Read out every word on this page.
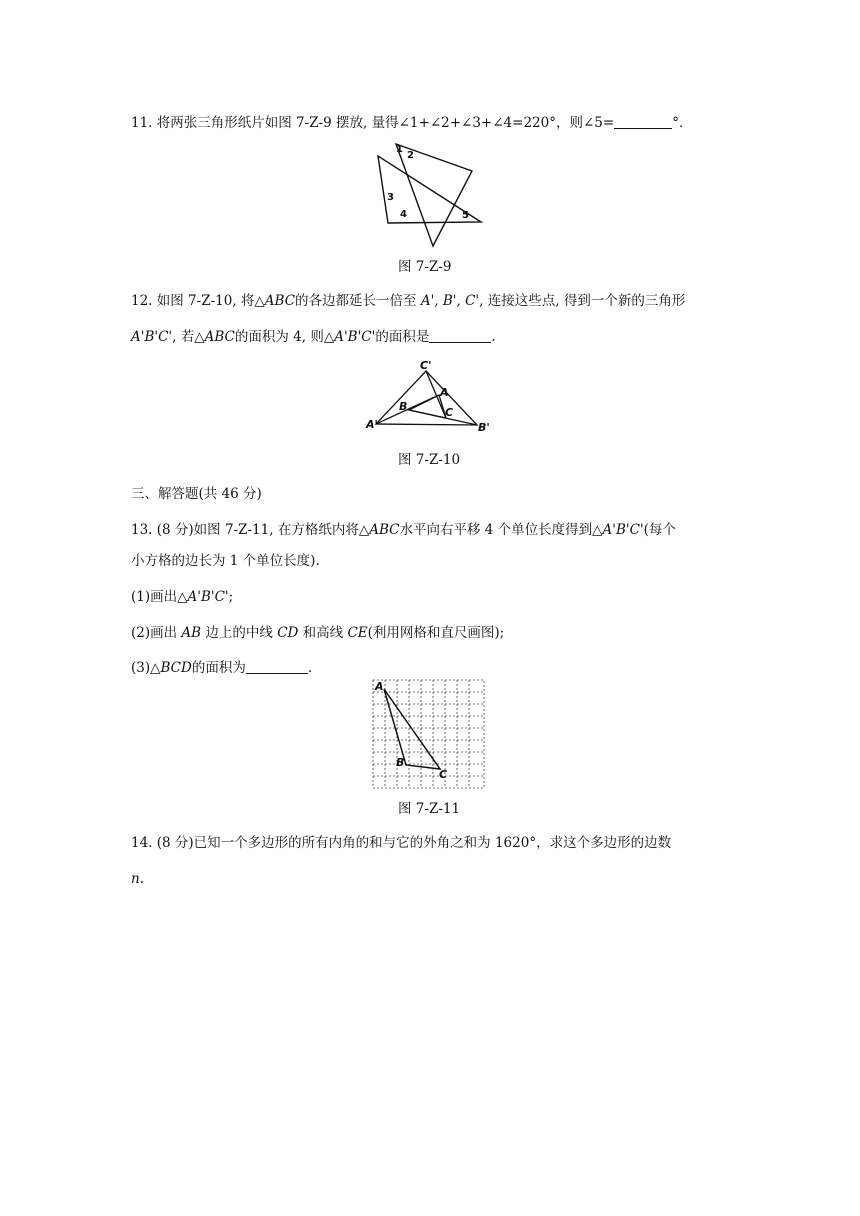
11. 将两张三角形纸片如图 7-Z-9 摆放, 量得∠1+∠2+∠3+∠4=220°，则∠5=	°．
2
1
3
4	5
图 7-Z-9
12. 如图 7-Z-10, 将△ABC的各边都延长一倍至 A', B', C', 连接这些点, 得到一个新的三角形
A'B'C', 若△ABC的面积为 4, 则△A'B'C'的面积是	.
C'
A
B	C
A'	B'
图 7-Z-10
三、解答题(共 46 分)
13. (8 分)如图 7-Z-11, 在方格纸内将△ABC水平向右平移 4 个单位长度得到△A'B'C'(每个
小方格的边长为 1 个单位长度).
(1)画出△A'B'C';
(2)画出 AB 边上的中线 CD 和高线 CE(利用网格和直尺画图);
(3)△BCD的面积为	.
A
B
C
图 7-Z-11
14. (8 分)已知一个多边形的所有内角的和与它的外角之和为 1620°，求这个多边形的边数
n.
